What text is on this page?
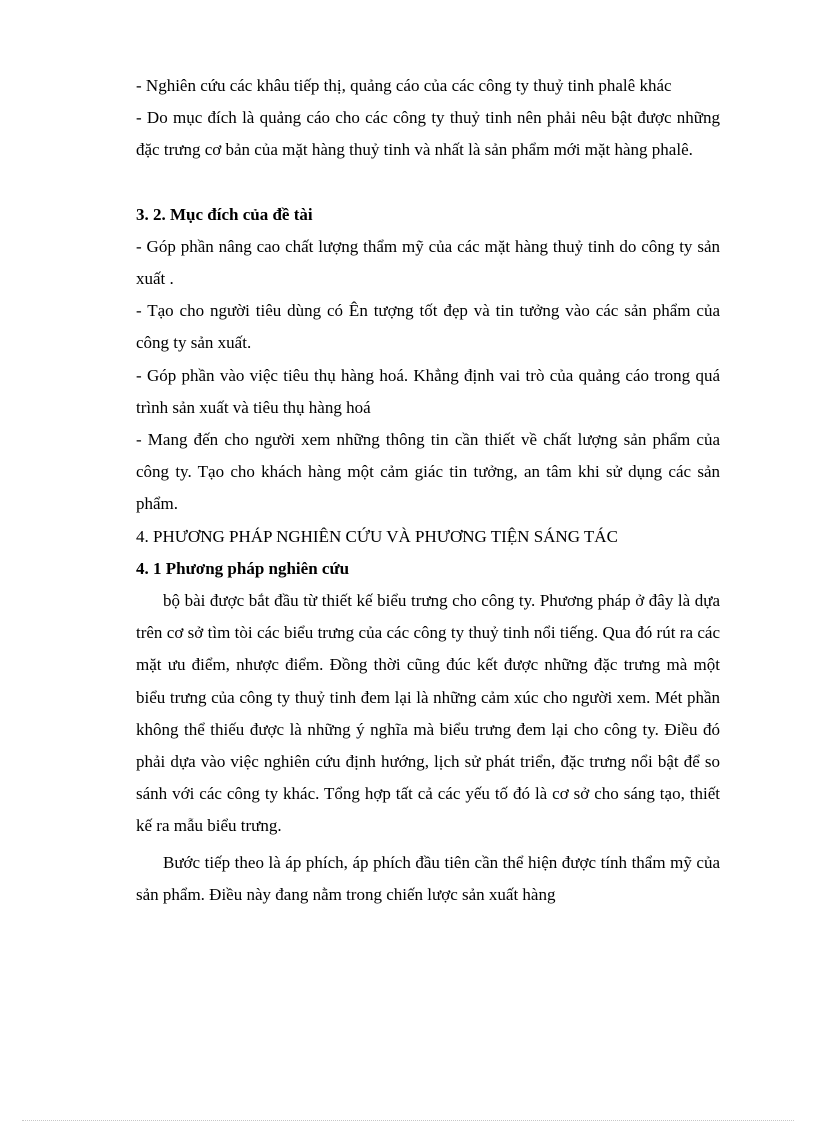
- Nghiên cứu các khâu tiếp thị, quảng cáo của các công ty thuỷ tinh phalê khác

- Do mục đích là quảng cáo cho các công ty thuỷ tinh nên phải nêu bật được những đặc trưng cơ bản của mặt hàng thuỷ tinh và nhất là sản phẩm mới mặt hàng phalê.

3. 2. Mục đích của đề tài

- Góp phần nâng cao chất lượng thẩm mỹ của các mặt hàng thuỷ tinh do công ty sản xuất .

- Tạo cho người tiêu dùng có Ên tượng tốt đẹp và tin tưởng vào các sản phẩm của công ty sản xuất.

- Góp phần vào việc tiêu thụ hàng hoá. Khẳng định vai trò của quảng cáo trong quá trình sản xuất và tiêu thụ hàng hoá

- Mang đến cho người xem những thông tin cần thiết về chất lượng sản phẩm của công ty. Tạo cho khách hàng một cảm giác tin tưởng, an tâm khi sử dụng các sản phẩm.

4. PHƯƠNG PHÁP NGHIÊN CỨU VÀ PHƯƠNG TIỆN SÁNG TÁC

4. 1 Phương pháp nghiên cứu

bộ bài được bắt đầu từ thiết kế biểu trưng cho công ty. Phương pháp ở đây là dựa trên cơ sở tìm tòi các biểu trưng của các công ty thuỷ tinh nổi tiếng. Qua đó rút ra các mặt ưu điểm, nhược điểm. Đồng thời cũng đúc kết được những đặc trưng mà một biểu trưng của công ty thuỷ tinh đem lại là những cảm xúc cho người xem. Mét phần không thể thiếu được là những ý nghĩa mà biểu trưng đem lại cho công ty. Điều đó phải dựa vào việc nghiên cứu định hướng, lịch sử phát triển, đặc trưng nổi bật để so sánh với các công ty khác. Tổng hợp tất cả các yếu tố đó là cơ sở cho sáng tạo, thiết kế ra mẫu biểu trưng.

Bước tiếp theo là áp phích, áp phích đầu tiên cần thể hiện được tính thẩm mỹ của sản phẩm. Điều này đang nằm trong chiến lược sản xuất hàng
